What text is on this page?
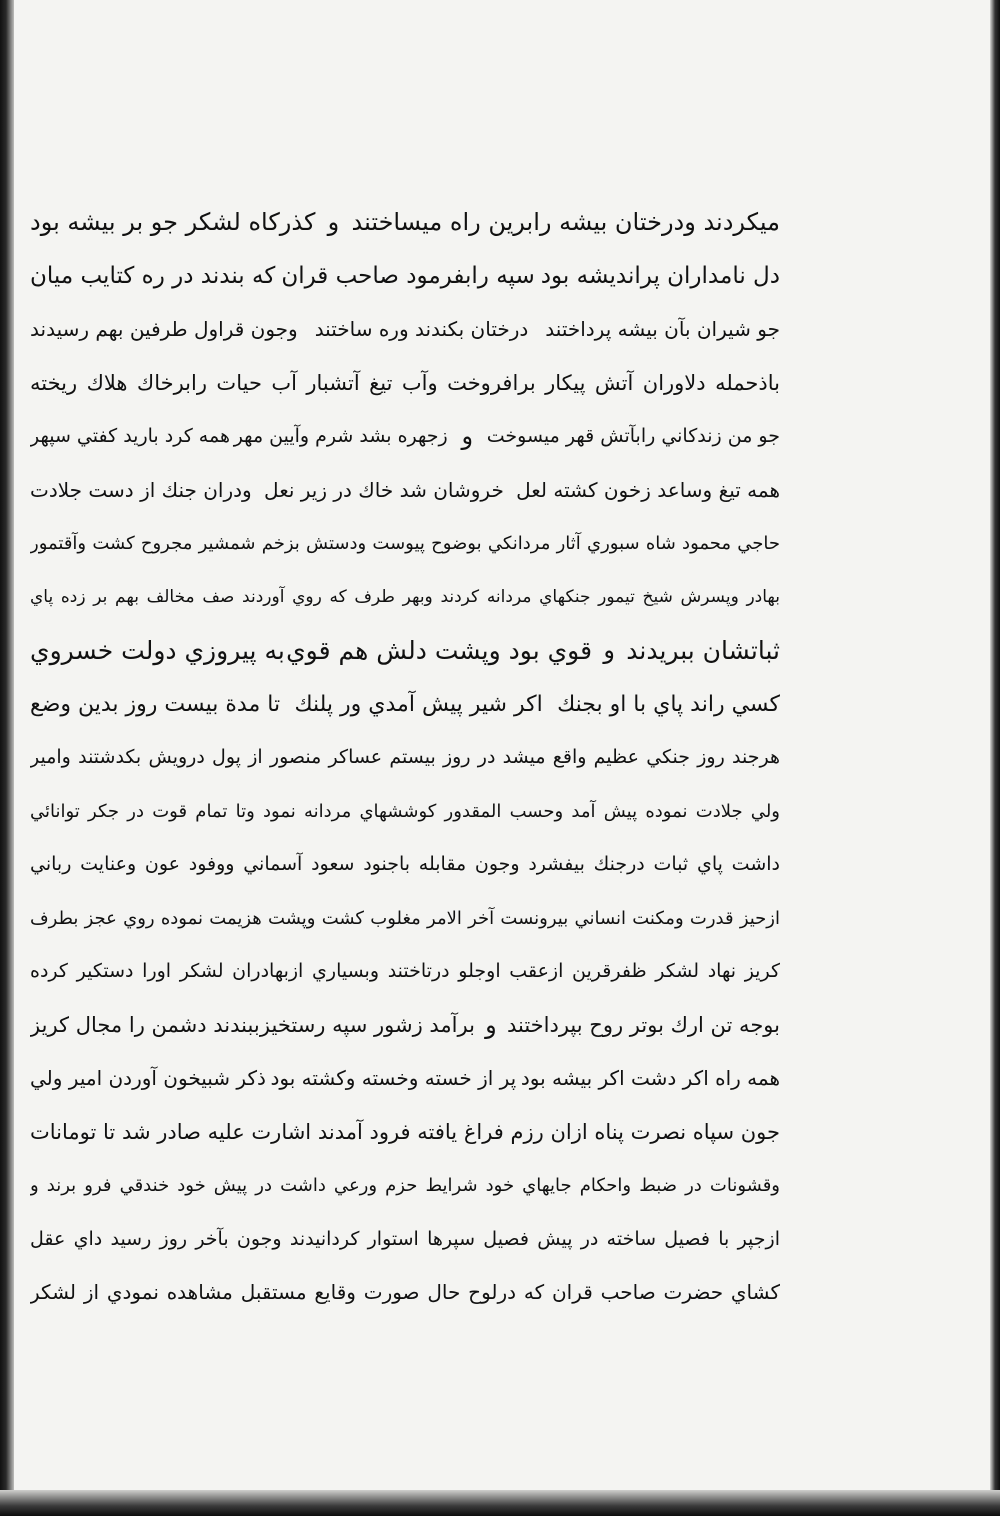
ميكردند ودرختان بيشه رابرين راه ميساختند
و
كذركاه لشكر جو بر بيشه بود
دل نامداران پراندیشه بود
سپه رابفرمود صاحب قران
كه بندند در ره كتايب ميان
جو شيران بآن بيشه پرداختند
درختان بكندند وره ساختند
وجون قراول طرفين بهم رسيدند
باذحمله دلاوران آتش پيكار برافروخت وآب تيغ آتشبار آب حيات رابرخاك هلاك ريخته
جو من زندكاني رابآتش قهر ميسوخت
و
زجهره بشد شرم وآيين مهر
همه كرد باريد كفتي سپهر
همه تيغ وساعد زخون كشته لعل
خروشان شد خاك در زير نعل
ودران جنك از دست جلادت
حاجي محمود شاه سبوري آثار مردانكي بوضوح پيوست ودستش بزخم شمشير مجروح كشت وآقتمور
بهادر وپسرش شيخ تيمور جنكهاي مردانه كردند وبهر طرف كه روي آوردند صف مخالف بهم بر زده پاي
ثباتشان ببريدند
و
قوي بود وپشت دلش هم قوي
به پيروزي دولت خسروي
كسي راند پاي با او بجنك
اكر شير پيش آمدي ور پلنك
تا مدة بيست روز بدين وضع
هرجند روز جنكي عظيم واقع ميشد در روز بيستم عساكر منصور از پول درويش بكدشتند وامير
ولي جلادت نموده پيش آمد وحسب المقدور كوششهاي مردانه نمود وتا تمام قوت در جكر توانائي
داشت پاي ثبات درجنك بيفشرد وجون مقابله باجنود سعود آسماني ووفود عون وعنايت رباني
ازحيز قدرت ومكنت انساني بيرونست آخر الامر مغلوب كشت وپشت هزيمت نموده روي عجز بطرف
كريز نهاد لشكر ظفرقرين ازعقب اوجلو درتاختند وبسياري ازبهادران لشكر اورا دستكير كرده
بوجه تن ارك بوتر روح بپرداختند
و
برآمد زشور سپه رستخيز
ببندند دشمن را مجال كريز
همه راه اكر دشت اكر بيشه بود
پر از خسته وخسته وكشته بود
ذكر شبيخون آوردن امير ولي
جون سپاه نصرت پناه ازان رزم فراغ يافته فرود آمدند اشارت عليه صادر شد تا تومانات
وقشونات در ضبط واحكام جايهاي خود شرايط حزم ورعي داشت در پيش خود خندقي فرو برند و
ازجپر با فصيل ساخته در پيش فصيل سپرها استوار كردانيدند وجون بآخر روز رسيد داي عقل
كشاي حضرت صاحب قران كه درلوح حال صورت وقايع مستقبل مشاهده نمودي از لشكر
